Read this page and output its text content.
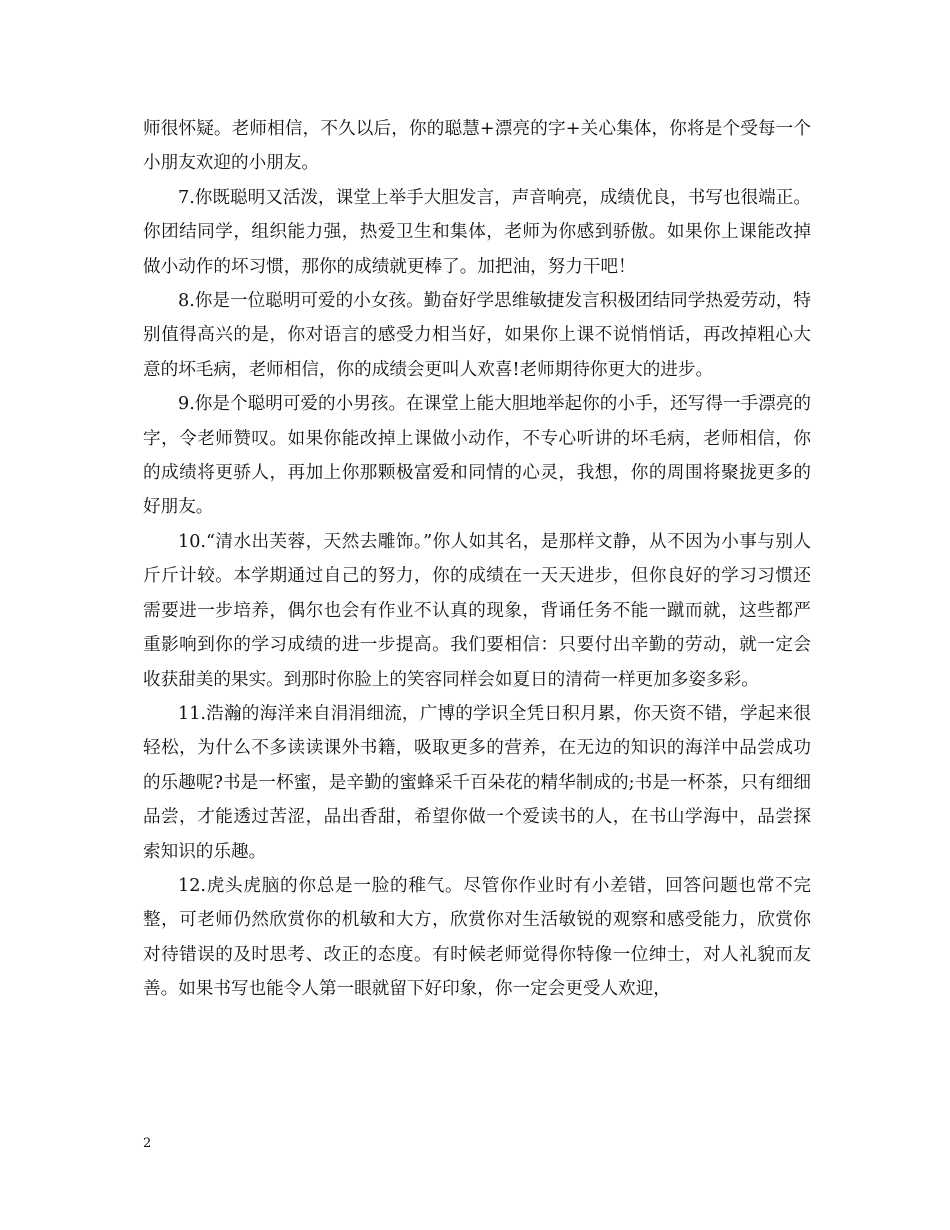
师很怀疑。老师相信，不久以后，你的聪慧+漂亮的字+关心集体，你将是个受每一个小朋友欢迎的小朋友。

7.你既聪明又活泼，课堂上举手大胆发言，声音响亮，成绩优良，书写也很端正。你团结同学，组织能力强，热爱卫生和集体，老师为你感到骄傲。如果你上课能改掉做小动作的坏习惯，那你的成绩就更棒了。加把油，努力干吧！

8.你是一位聪明可爱的小女孩。勤奋好学思维敏捷发言积极团结同学热爱劳动，特别值得高兴的是，你对语言的感受力相当好，如果你上课不说悄悄话，再改掉粗心大意的坏毛病，老师相信，你的成绩会更叫人欢喜!老师期待你更大的进步。

9.你是个聪明可爱的小男孩。在课堂上能大胆地举起你的小手，还写得一手漂亮的字，令老师赞叹。如果你能改掉上课做小动作，不专心听讲的坏毛病，老师相信，你的成绩将更骄人，再加上你那颗极富爱和同情的心灵，我想，你的周围将聚拢更多的好朋友。

10.“清水出芙蓉，天然去雕饰。”你人如其名，是那样文静，从不因为小事与别人斤斤计较。本学期通过自己的努力，你的成绩在一天天进步，但你良好的学习习惯还需要进一步培养，偶尔也会有作业不认真的现象，背诵任务不能一蹴而就，这些都严重影响到你的学习成绩的进一步提高。我们要相信：只要付出辛勤的劳动，就一定会收获甜美的果实。到那时你脸上的笑容同样会如夏日的清荷一样更加多姿多彩。

11.浩瀚的海洋来自涓涓细流，广博的学识全凭日积月累，你天资不错，学起来很轻松，为什么不多读读课外书籍，吸取更多的营养，在无边的知识的海洋中品尝成功的乐趣呢?书是一杯蜜，是辛勤的蜜蜂采千百朵花的精华制成的;书是一杯茶，只有细细品尝，才能透过苦涩，品出香甜，希望你做一个爱读书的人，在书山学海中，品尝探索知识的乐趣。

12.虎头虎脑的你总是一脸的稚气。尽管你作业时有小差错，回答问题也常不完整，可老师仍然欣赏你的机敏和大方，欣赏你对生活敏锐的观察和感受能力，欣赏你对待错误的及时思考、改正的态度。有时候老师觉得你特像一位绅士，对人礼貌而友善。如果书写也能令人第一眼就留下好印象，你一定会更受人欢迎，

2
